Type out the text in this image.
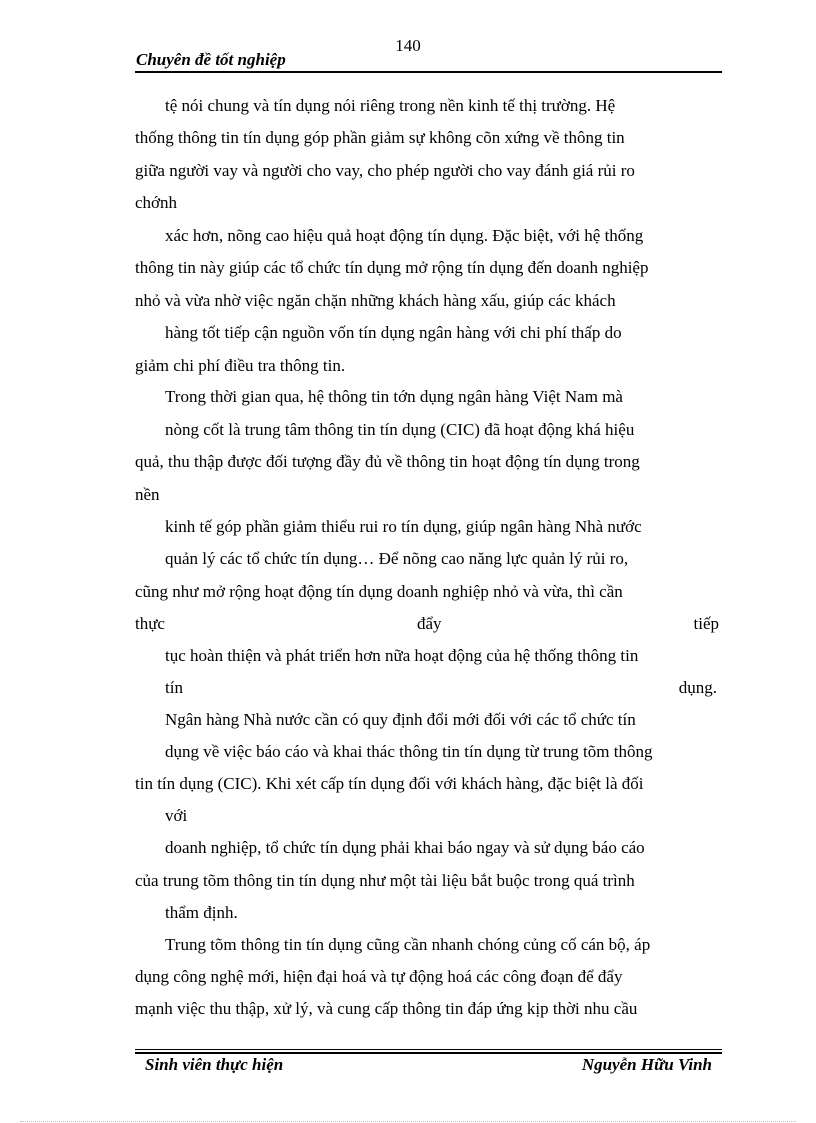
140
Chuyên đề tốt nghiệp
tệ nói chung và tín dụng nói riêng trong nền kinh tế thị trường. Hệ
thống thông tin tín dụng góp phần giảm sự không cõn xứng về thông tin
giữa người vay và người cho vay, cho phép người cho vay đánh giá rủi ro
chớnh
xác hơn, nõng cao hiệu quả hoạt động tín dụng. Đặc biệt, với hệ thống
thông tin này giúp các tổ chức tín dụng mở rộng tín dụng đến doanh nghiệp
nhỏ và vừa nhờ việc ngăn chặn những khách hàng xấu, giúp các khách
hàng tốt tiếp cận nguồn vốn tín dụng ngân hàng với chi phí thấp do
giảm chi phí điều tra thông tin.
Trong thời gian qua, hệ thông tin tớn dụng ngân hàng Việt Nam mà
nòng cốt là trung tâm thông tin tín dụng (CIC) đã hoạt động khá hiệu
quả, thu thập được đối tượng đầy đủ về thông tin hoạt động tín dụng trong
nền
kinh tế góp phần giảm thiểu rui ro tín dụng, giúp ngân hàng Nhà nước
quản lý các tổ chức tín dụng… Để nõng cao năng lực quản lý rủi ro,
cũng như mở rộng hoạt động tín dụng doanh nghiệp nhỏ và vừa, thì cần
thực	đẩy	tiếp
tục hoàn thiện và phát triển hơn nữa hoạt động của hệ thống thông tin
tín	dụng.
Ngân hàng Nhà nước cần có quy định đổi mới đối với các tổ chức tín
dụng về việc báo cáo và khai thác thông tin tín dụng từ trung tõm thông
tin tín dụng (CIC). Khi xét cấp tín dụng đối với khách hàng, đặc biệt là đối
với
doanh nghiệp, tổ chức tín dụng phải khai báo ngay và sử dụng báo cáo
của trung tõm thông tin tín dụng như một tài liệu bắt buộc trong quá trình
thẩm định.
Trung tõm thông tin tín dụng cũng cần nhanh chóng củng cố cán bộ, áp
dụng công nghệ mới, hiện đại hoá và tự động hoá các công đoạn để đẩy
mạnh việc thu thập, xử lý, và cung cấp thông tin đáp ứng kịp thời nhu cầu
Sinh viên thực hiện	Nguyễn Hữu Vinh
